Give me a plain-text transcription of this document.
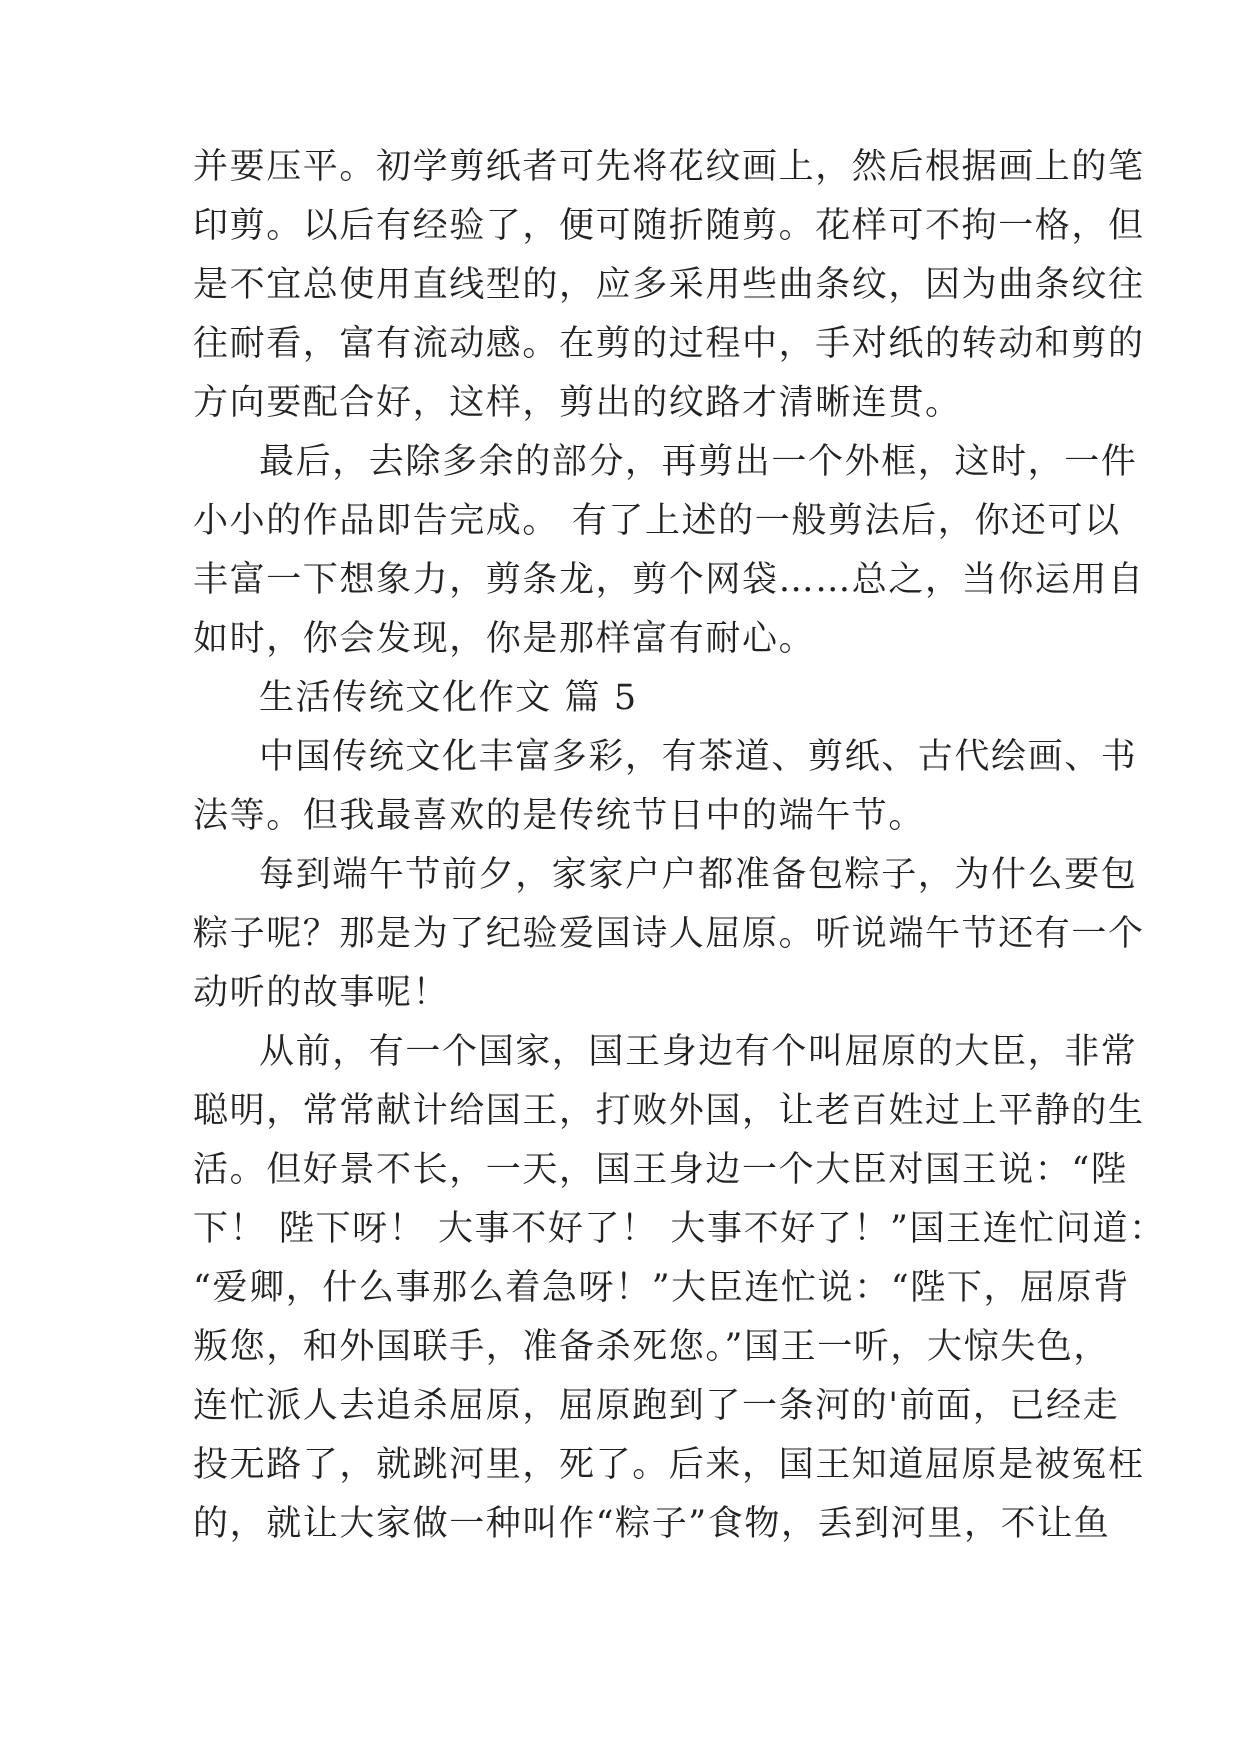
并要压平。初学剪纸者可先将花纹画上，然后根据画上的笔
印剪。以后有经验了，便可随折随剪。花样可不拘一格，但
是不宜总使用直线型的，应多采用些曲条纹，因为曲条纹往
往耐看，富有流动感。在剪的过程中，手对纸的转动和剪的
方向要配合好，这样，剪出的纹路才清晰连贯。
最后，去除多余的部分，再剪出一个外框，这时，一件
小小的作品即告完成。 有了上述的一般剪法后，你还可以
丰富一下想象力，剪条龙，剪个网袋……总之，当你运用自
如时，你会发现，你是那样富有耐心。
生活传统文化作文 篇 5
中国传统文化丰富多彩，有茶道、剪纸、古代绘画、书
法等。但我最喜欢的是传统节日中的端午节。
每到端午节前夕，家家户户都准备包粽子，为什么要包
粽子呢？那是为了纪验爱国诗人屈原。听说端午节还有一个
动听的故事呢！
从前，有一个国家，国王身边有个叫屈原的大臣，非常
聪明，常常献计给国王，打败外国，让老百姓过上平静的生
活。但好景不长，一天，国王身边一个大臣对国王说：“陛
下！ 陛下呀！ 大事不好了！ 大事不好了！”国王连忙问道：
“爱卿，什么事那么着急呀！”大臣连忙说：“陛下，屈原背
叛您，和外国联手，准备杀死您。”国王一听，大惊失色，
连忙派人去追杀屈原，屈原跑到了一条河的'前面，已经走
投无路了，就跳河里，死了。后来，国王知道屈原是被冤枉
的，就让大家做一种叫作“粽子”食物，丢到河里，不让鱼
